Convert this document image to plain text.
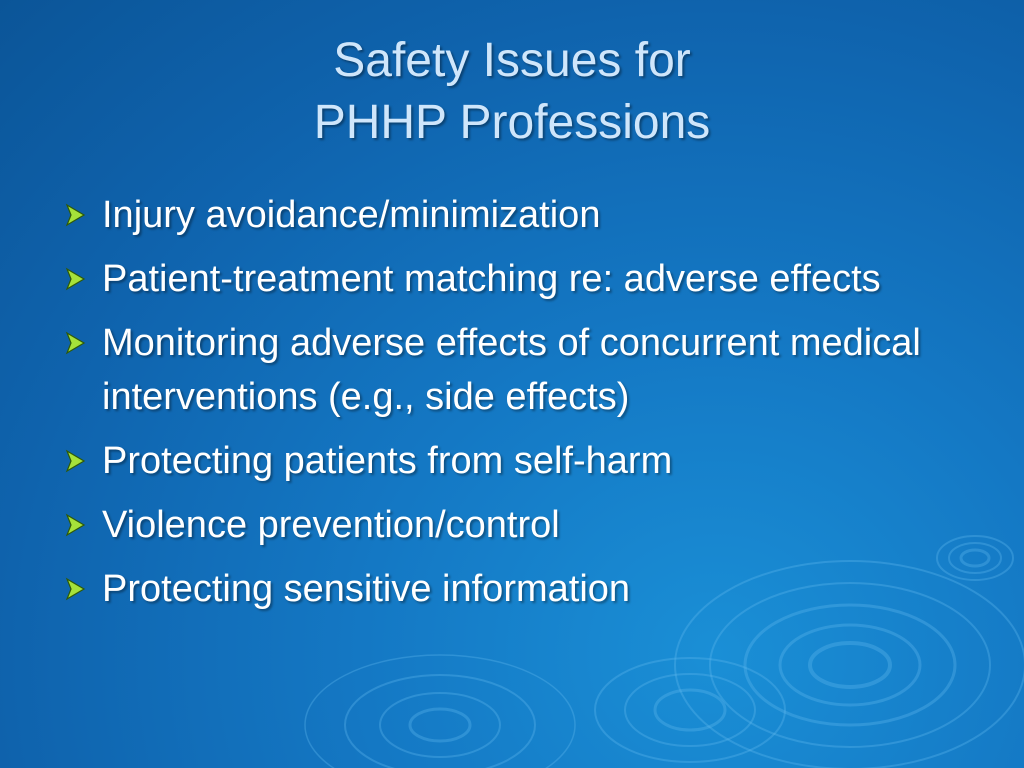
Safety Issues for
PHHP Professions
Injury avoidance/minimization
Patient-treatment matching re: adverse effects
Monitoring adverse effects of concurrent medical interventions (e.g., side effects)
Protecting patients from self-harm
Violence prevention/control
Protecting sensitive information
